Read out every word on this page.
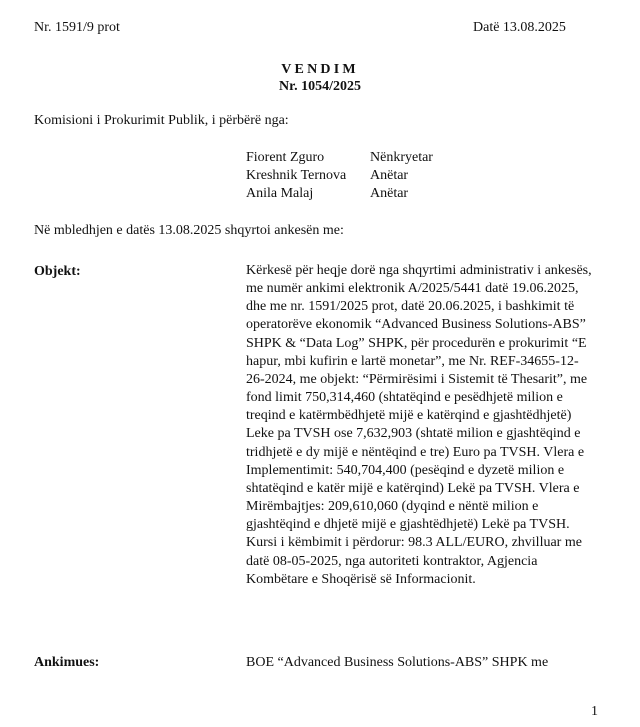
Nr. 1591/9 prot	Datë 13.08.2025
VENDIM
Nr. 1054/2025
Komisioni i Prokurimit Publik, i përbërë nga:
Fiorent Zguro	Nënkryetar
Kreshnik Ternova Anëtar
Anila Malaj	Anëtar
Në mbledhjen e datës 13.08.2025 shqyrtoi ankesën me:
Objekt:	Kërkesë për heqje dorë nga shqyrtimi administrativ i ankesës,

me numër ankimi elektronik A/2025/5441 datë 19.06.2025,

dhe me nr. 1591/2025 prot, datë 20.06.2025, i bashkimit të

operatorëve ekonomik “Advanced Business Solutions-ABS”

SHPK & “Data Log” SHPK, për procedurën e prokurimit “E

hapur, mbi kufirin e lartë monetar”, me Nr. REF-34655-12-

26-2024, me objekt: “Përmirësimi i Sistemit të Thesarit”, me

fond limit 750,314,460 (shtatëqind e pesëdhjetë milion e

treqind e katërmbëdhjetë mijë e katërqind e gjashtëdhjetë)

Leke pa TVSH ose 7,632,903 (shtatë milion e gjashtëqind e

tridhjetë e dy mijë e nëntëqind e tre) Euro pa TVSH. Vlera e

Implementimit: 540,704,400 (pesëqind e dyzetë milion e

shtatëqind e katër mijë e katërqind) Lekë pa TVSH. Vlera e

Mirëmbajtjes: 209,610,060 (dyqind e nëntë milion e

gjashtëqind e dhjetë mijë e gjashtëdhjetë) Lekë pa TVSH.

Kursi i këmbimit i përdorur: 98.3 ALL/EURO, zhvilluar me

datë 08-05-2025, nga autoriteti kontraktor, Agjencia

Kombëtare e Shoqërisë së Informacionit.

Ankimues:	BOE “Advanced Business Solutions-ABS” SHPK me
1
